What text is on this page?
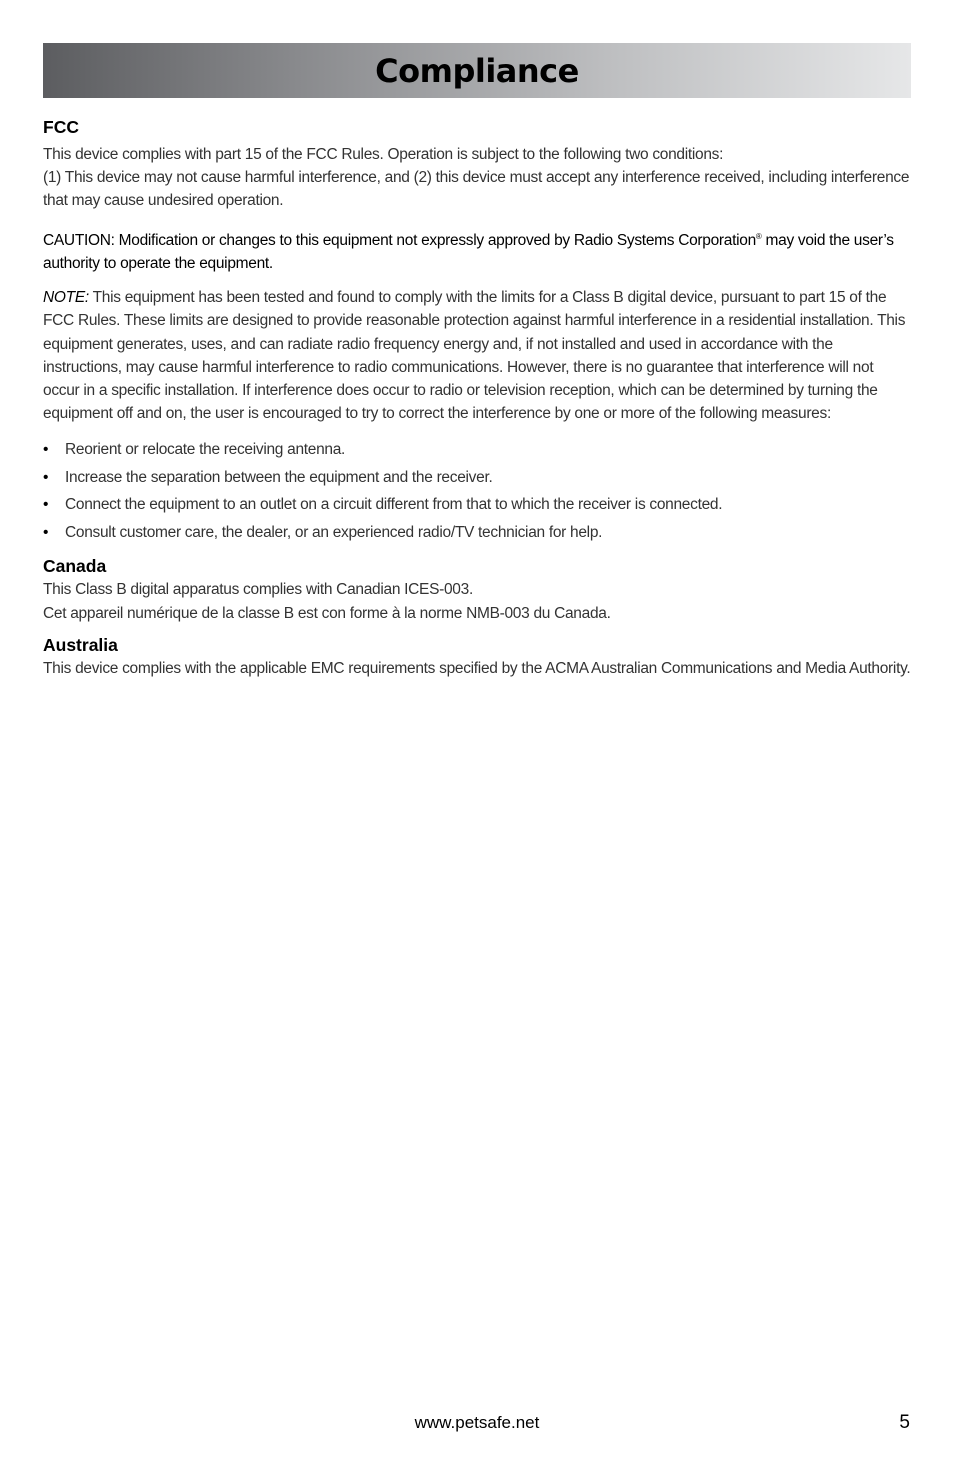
Compliance
FCC

This device complies with part 15 of the FCC Rules. Operation is subject to the following two conditions:
(1) This device may not cause harmful interference, and (2) this device must accept any interference received, including interference that may cause undesired operation.

CAUTION: Modification or changes to this equipment not expressly approved by Radio Systems Corporation® may void the user’s authority to operate the equipment.

NOTE: This equipment has been tested and found to comply with the limits for a Class B digital device, pursuant to part 15 of the FCC Rules. These limits are designed to provide reasonable protection against harmful interference in a residential installation. This equipment generates, uses, and can radiate radio frequency energy and, if not installed and used in accordance with the instructions, may cause harmful interference to radio communications. However, there is no guarantee that interference will not occur in a specific installation. If interference does occur to radio or television reception, which can be determined by turning the equipment off and on, the user is encouraged to try to correct the interference by one or more of the following measures:

•	Reorient or relocate the receiving antenna.
•	Increase the separation between the equipment and the receiver.
•	Connect the equipment to an outlet on a circuit different from that to which the receiver is connected.
•	Consult customer care, the dealer, or an experienced radio/TV technician for help.
Canada

This Class B digital apparatus complies with Canadian ICES-003.
Cet appareil numérique de la classe B est con forme à la norme NMB-003 du Canada.

Australia

This device complies with the applicable EMC requirements specified by the ACMA Australian Communications and Media Authority.

www.petsafe.net	5
